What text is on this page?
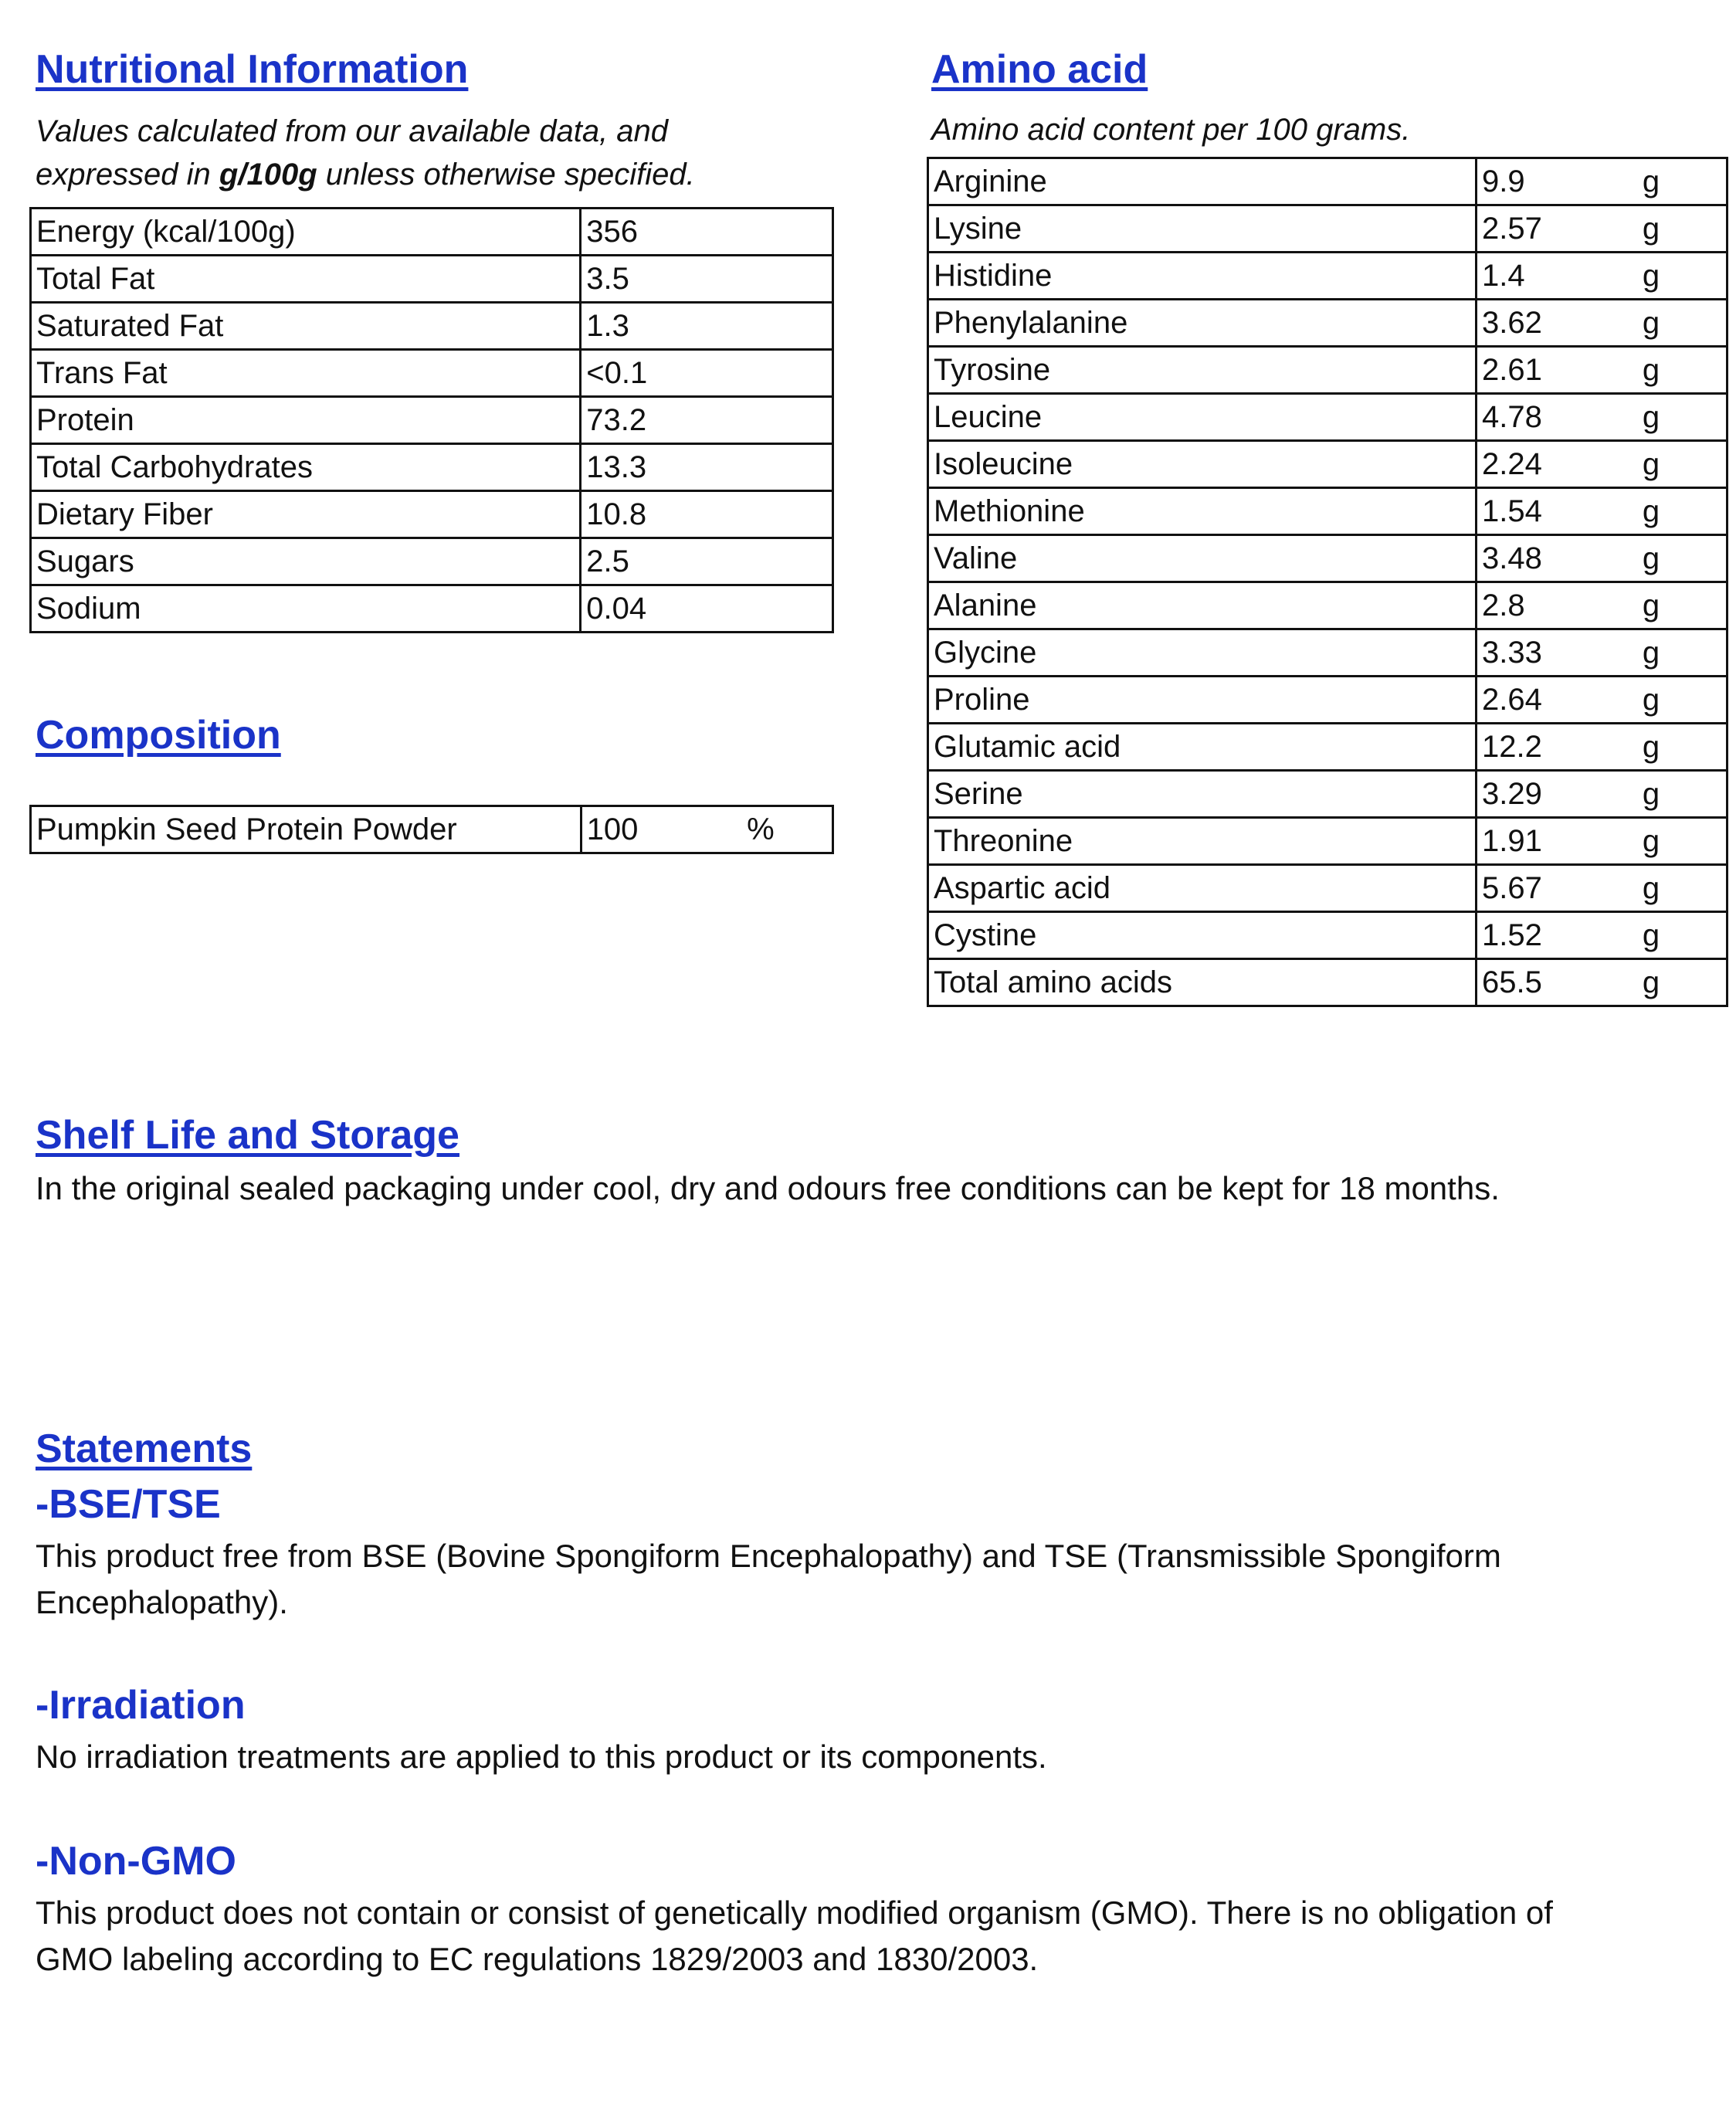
Nutritional Information

Values calculated from our available data, and

expressed in g/100g unless otherwise specified.

Energy (kcal/100g)	356
Total Fat	3.5
Saturated Fat	1.3
Trans Fat	<0.1
Protein	73.2
Total Carbohydrates	13.3
Dietary Fiber	10.8
Sugars	2.5
Sodium	0.04
Composition
Pumpkin Seed Protein Powder	100	%
Amino acid

Amino acid content per 100 grams.

Arginine	9.9	g
Lysine	2.57	g
Histidine	1.4	g
Phenylalanine	3.62	g
Tyrosine	2.61	g
Leucine	4.78	g
Isoleucine	2.24	g
Methionine	1.54	g
Valine	3.48	g
Alanine	2.8	g
Glycine	3.33	g
Proline	2.64	g
Glutamic acid	12.2	g
Serine	3.29	g
Threonine	1.91	g
Aspartic acid	5.67	g
Cystine	1.52	g
Total amino acids	65.5	g
Shelf Life and Storage

In the original sealed packaging under cool, dry and odours free conditions can be kept for 18 months.

Statements

-BSE/TSE

This product free from BSE (Bovine Spongiform Encephalopathy) and TSE (Transmissible Spongiform

Encephalopathy).

-Irradiation

No irradiation treatments are applied to this product or its components.

-Non-GMO

This product does not contain or consist of genetically modified organism (GMO). There is no obligation of

GMO labeling according to EC regulations 1829/2003 and 1830/2003.
